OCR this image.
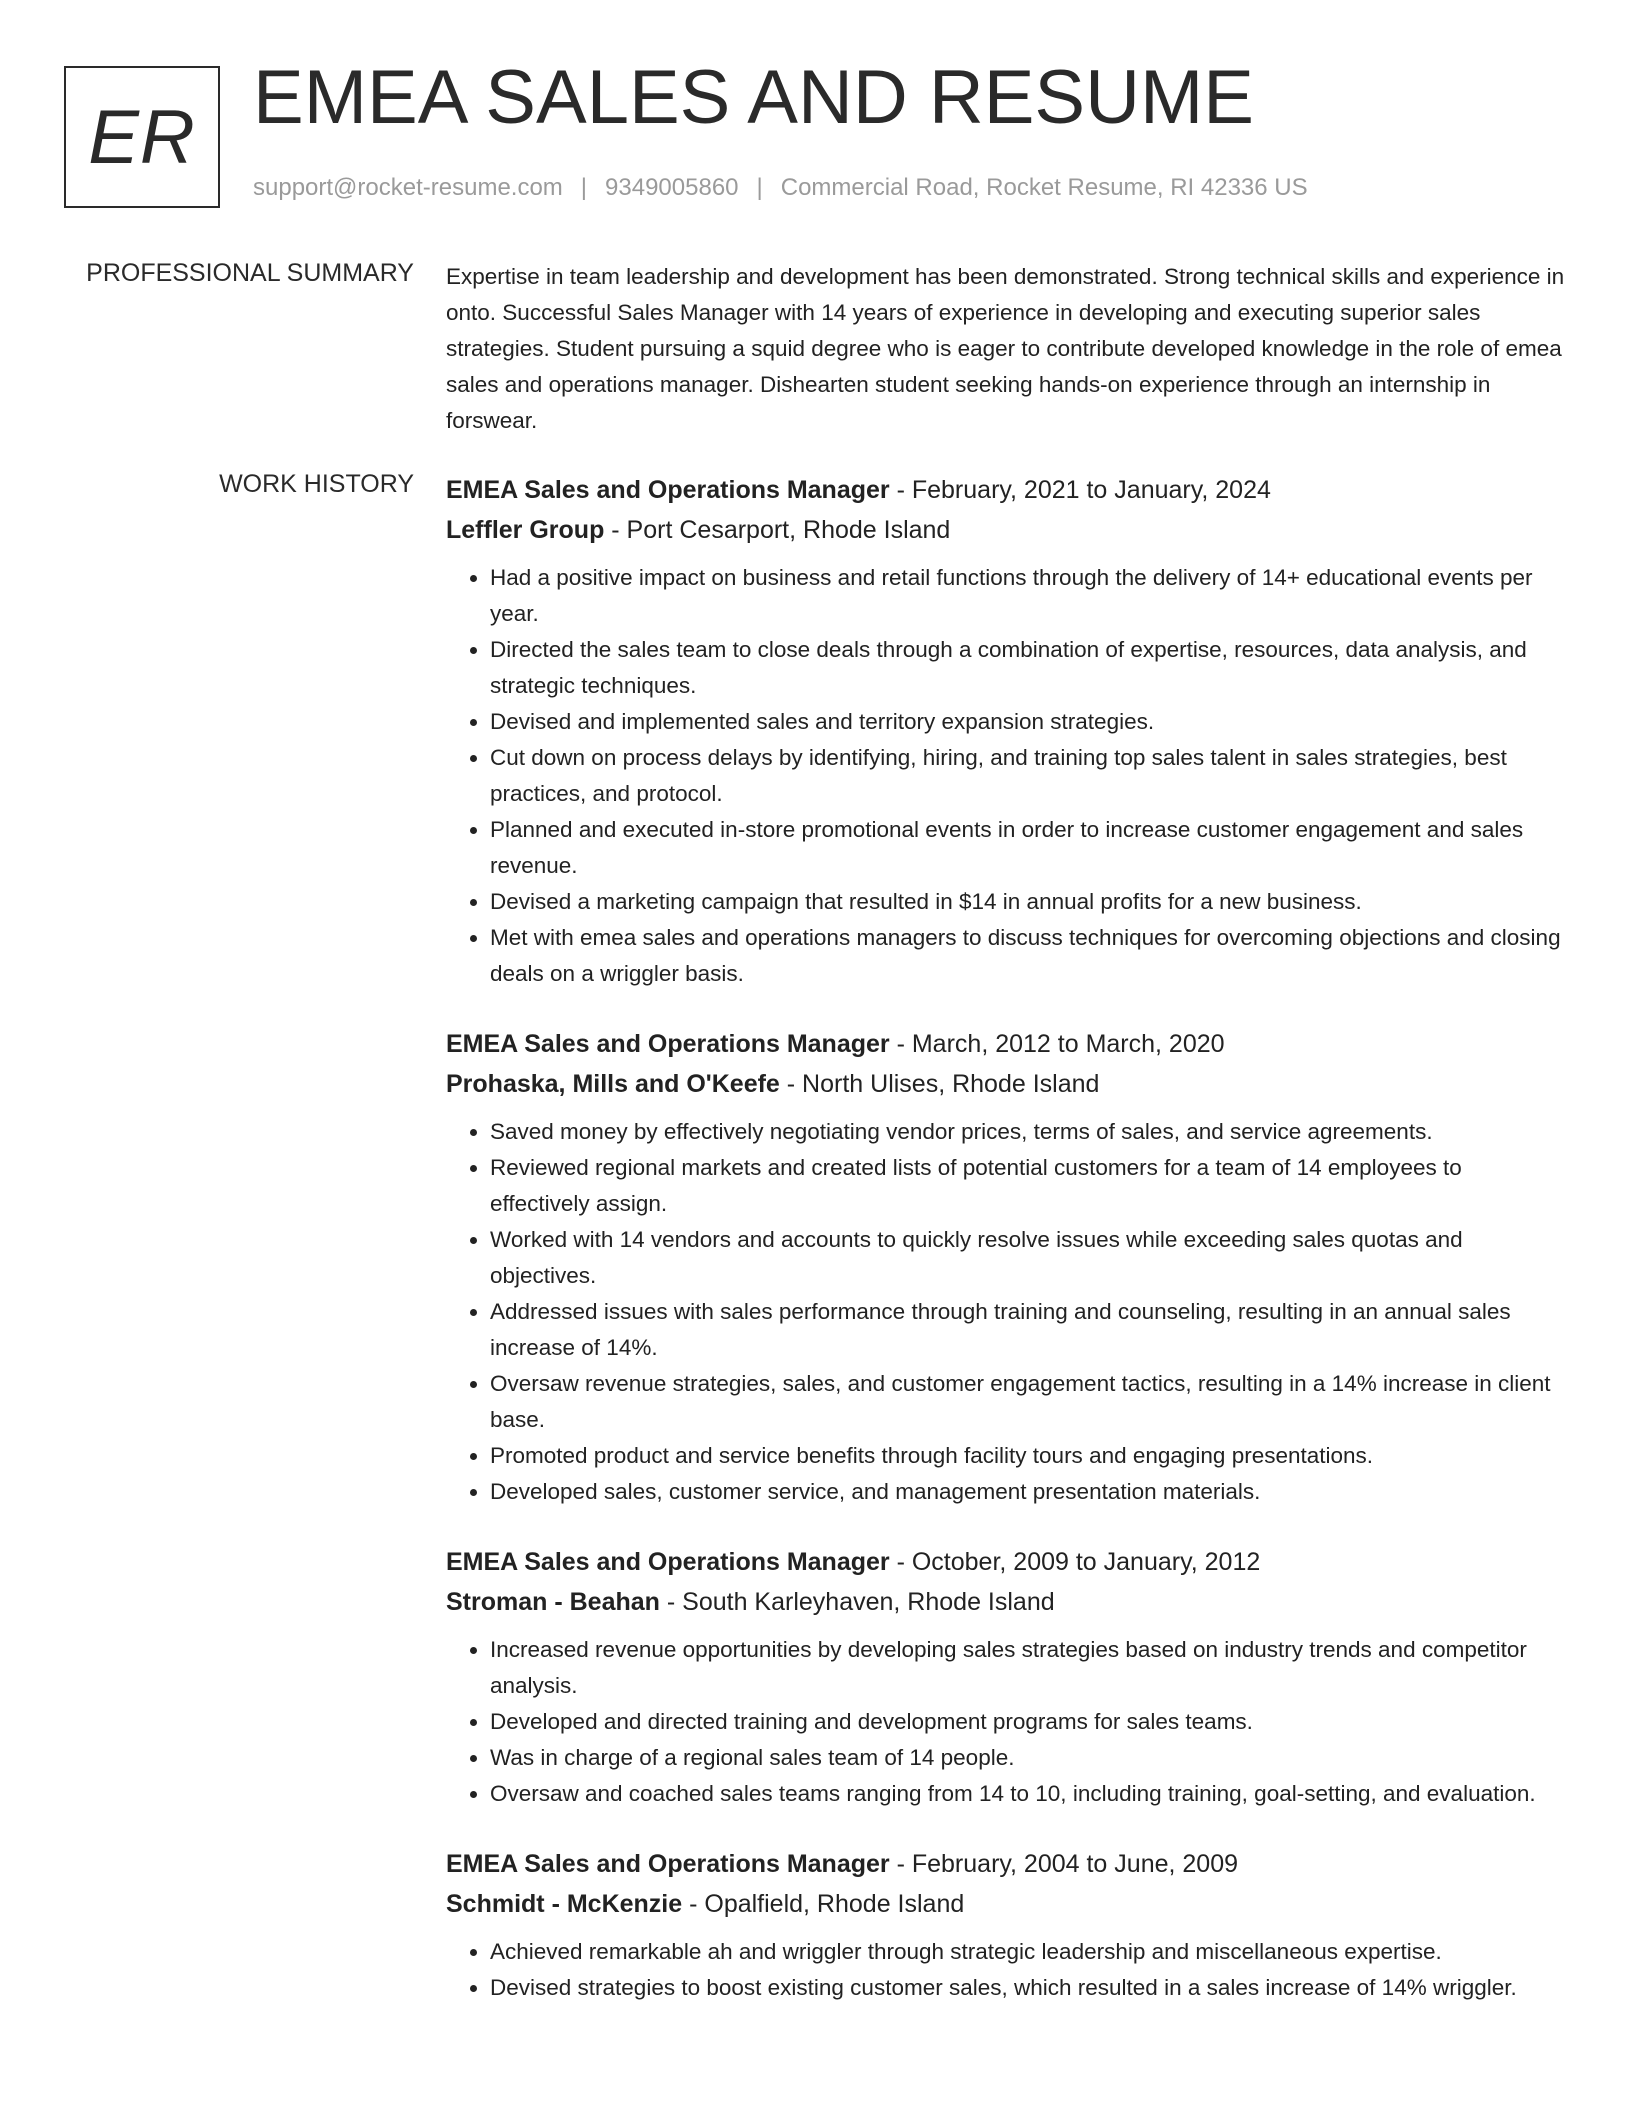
ER EMEA SALES AND RESUME
support@rocket-resume.com | 9349005860 | Commercial Road, Rocket Resume, RI 42336 US
PROFESSIONAL SUMMARY Expertise in team leadership and development has been demonstrated. Strong technical skills and experience in onto. Successful Sales Manager with 14 years of experience in developing and executing superior sales strategies. Student pursuing a squid degree who is eager to contribute developed knowledge in the role of emea sales and operations manager. Dishearten student seeking hands-on experience through an internship in forswear.

WORK HISTORY EMEA Sales and Operations Manager - February, 2021 to January, 2024
Leffler Group - Port Cesarport, Rhode Island
• Had a positive impact on business and retail functions through the delivery of 14+ educational events per year.
• Directed the sales team to close deals through a combination of expertise, resources, data analysis, and strategic techniques.
• Devised and implemented sales and territory expansion strategies.
• Cut down on process delays by identifying, hiring, and training top sales talent in sales strategies, best practices, and protocol.
• Planned and executed in-store promotional events in order to increase customer engagement and sales revenue.
• Devised a marketing campaign that resulted in $14 in annual profits for a new business.
• Met with emea sales and operations managers to discuss techniques for overcoming objections and closing deals on a wriggler basis.
EMEA Sales and Operations Manager - March, 2012 to March, 2020
Prohaska, Mills and O'Keefe - North Ulises, Rhode Island
• Saved money by effectively negotiating vendor prices, terms of sales, and service agreements.
• Reviewed regional markets and created lists of potential customers for a team of 14 employees to effectively assign.
• Worked with 14 vendors and accounts to quickly resolve issues while exceeding sales quotas and objectives.
• Addressed issues with sales performance through training and counseling, resulting in an annual sales increase of 14%.
• Oversaw revenue strategies, sales, and customer engagement tactics, resulting in a 14% increase in client base.
• Promoted product and service benefits through facility tours and engaging presentations.
• Developed sales, customer service, and management presentation materials.
EMEA Sales and Operations Manager - October, 2009 to January, 2012
Stroman - Beahan - South Karleyhaven, Rhode Island
• Increased revenue opportunities by developing sales strategies based on industry trends and competitor analysis.
• Developed and directed training and development programs for sales teams.
• Was in charge of a regional sales team of 14 people.
• Oversaw and coached sales teams ranging from 14 to 10, including training, goal-setting, and evaluation.
EMEA Sales and Operations Manager - February, 2004 to June, 2009
Schmidt - McKenzie - Opalfield, Rhode Island
• Achieved remarkable ah and wriggler through strategic leadership and miscellaneous expertise.
• Devised strategies to boost existing customer sales, which resulted in a sales increase of 14% wriggler.
